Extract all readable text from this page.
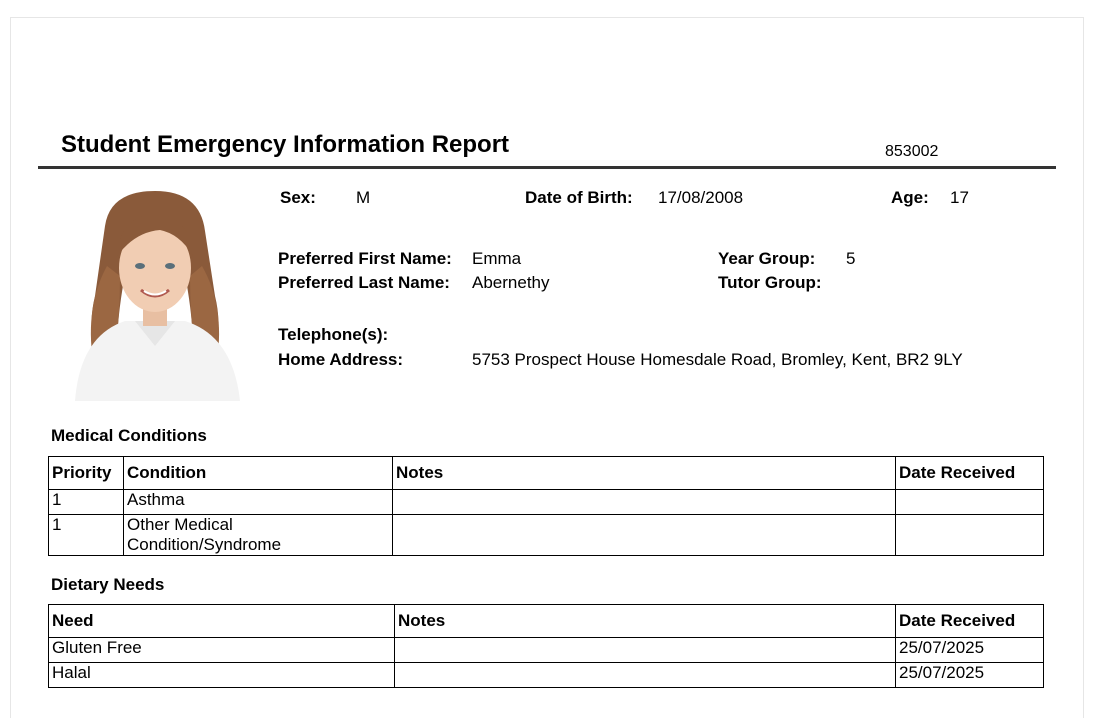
Student Emergency Information Report	853002
Sex: M	Date of Birth: 17/08/2008	Age: 17
Preferred First Name: Emma	Year Group: 5
Preferred Last Name: Abernethy	Tutor Group:
Telephone(s):
Home Address:	5753 Prospect House Homesdale Road, Bromley, Kent, BR2 9LY
Medical Conditions
Priority	Condition	Notes	Date Received
1	Asthma		
1	Other Medical Condition/Syndrome		
Dietary Needs
Need	Notes	Date Received
Gluten Free		25/07/2025
Halal		25/07/2025
